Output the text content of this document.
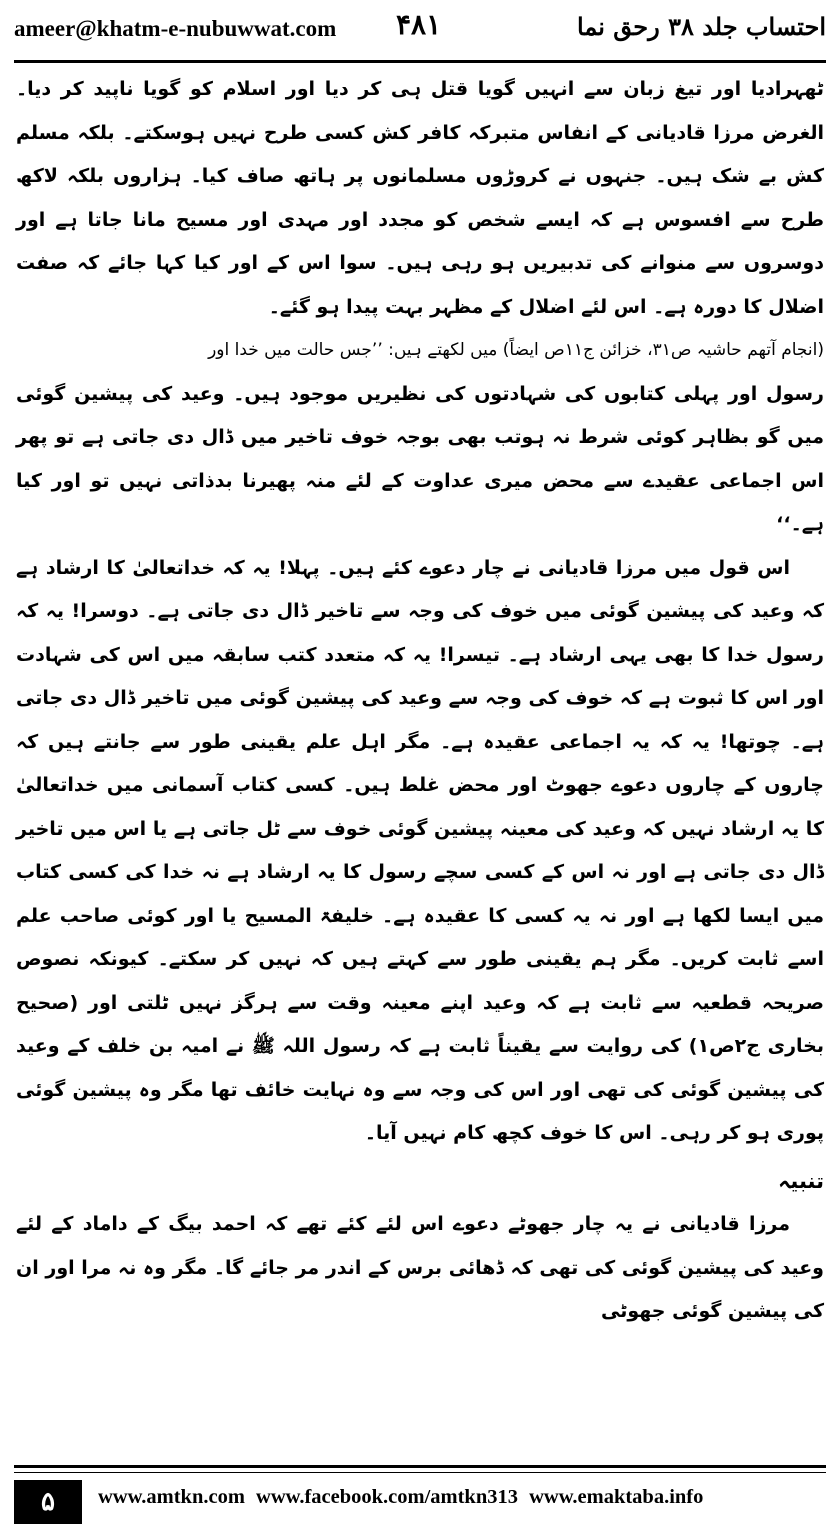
ameer@khatm-e-nubuwwat.com ۴۸۱	احتساب جلد ۳۸ رحق نما

ٹھہرادیا اور تیغ زبان سے انہیں گویا قتل ہی کر دیا اور اسلام کو گویا ناپید کر دیا۔ الغرض مرزا قادیانی کے انفاس متبرکہ کافر کش کسی طرح نہیں ہوسکتے۔ بلکہ مسلم کش بے شک ہیں۔ جنہوں نے کروڑوں مسلمانوں پر ہاتھ صاف کیا۔ ہزاروں بلکہ لاکھ طرح سے افسوس ہے کہ ایسے شخص کو مجدد اور مہدی اور مسیح مانا جاتا ہے اور دوسروں سے منوانے کی تدبیریں ہو رہی ہیں۔ سوا اس کے اور کیا کہا جائے کہ صفت اضلال کا دورہ ہے۔ اس لئے اضلال کے مظہر بہت پیدا ہو گئے۔

(انجام آتھم حاشیہ ص۳۱، خزائن ج۱۱ص ایضاً) میں لکھتے ہیں: ’’جس حالت میں خدا اور

رسول اور پہلی کتابوں کی شہادتوں کی نظیریں موجود ہیں۔ وعید کی پیشین گوئی میں گو بظاہر کوئی شرط نہ ہوتب بھی بوجہ خوف تاخیر میں ڈال دی جاتی ہے تو پھر اس اجماعی عقیدے سے محض میری عداوت کے لئے منہ پھیرنا بدذاتی نہیں تو اور کیا ہے۔‘‘

اس قول میں مرزا قادیانی نے چار دعوے کئے ہیں۔ پہلا! یہ کہ خداتعالیٰ کا ارشاد ہے کہ وعید کی پیشین گوئی میں خوف کی وجہ سے تاخیر ڈال دی جاتی ہے۔ دوسرا! یہ کہ رسول خدا کا بھی یہی ارشاد ہے۔ تیسرا! یہ کہ متعدد کتب سابقہ میں اس کی شہادت اور اس کا ثبوت ہے کہ خوف کی وجہ سے وعید کی پیشین گوئی میں تاخیر ڈال دی جاتی ہے۔ چوتھا! یہ کہ یہ اجماعی عقیدہ ہے۔ مگر اہل علم یقینی طور سے جانتے ہیں کہ چاروں کے چاروں دعوے جھوٹ اور محض غلط ہیں۔ کسی کتاب آسمانی میں خداتعالیٰ کا یہ ارشاد نہیں کہ وعید کی معینہ پیشین گوئی خوف سے ٹل جاتی ہے یا اس میں تاخیر ڈال دی جاتی ہے اور نہ اس کے کسی سچے رسول کا یہ ارشاد ہے نہ خدا کی کسی کتاب میں ایسا لکھا ہے اور نہ یہ کسی کا عقیدہ ہے۔ خلیفۃ المسیح یا اور کوئی صاحب علم اسے ثابت کریں۔ مگر ہم یقینی طور سے کہتے ہیں کہ نہیں کر سکتے۔ کیونکہ نصوص صریحہ قطعیہ سے ثابت ہے کہ وعید اپنے معینہ وقت سے ہرگز نہیں ٹلتی اور (صحیح بخاری ج۲ص۱) کی روایت سے یقیناً ثابت ہے کہ رسول اللہ ﷺ نے امیہ بن خلف کے وعید کی پیشین گوئی کی تھی اور اس کی وجہ سے وہ نہایت خائف تھا مگر وہ پیشین گوئی پوری ہو کر رہی۔ اس کا خوف کچھ کام نہیں آیا۔

تنبیہ

مرزا قادیانی نے یہ چار جھوٹے دعوے اس لئے کئے تھے کہ احمد بیگ کے داماد کے لئے وعید کی پیشین گوئی کی تھی کہ ڈھائی برس کے اندر مر جائے گا۔ مگر وہ نہ مرا اور ان کی پیشین گوئی جھوٹی

۵	www.amtkn.com www.facebook.com/amtkn313 www.emaktaba.info
